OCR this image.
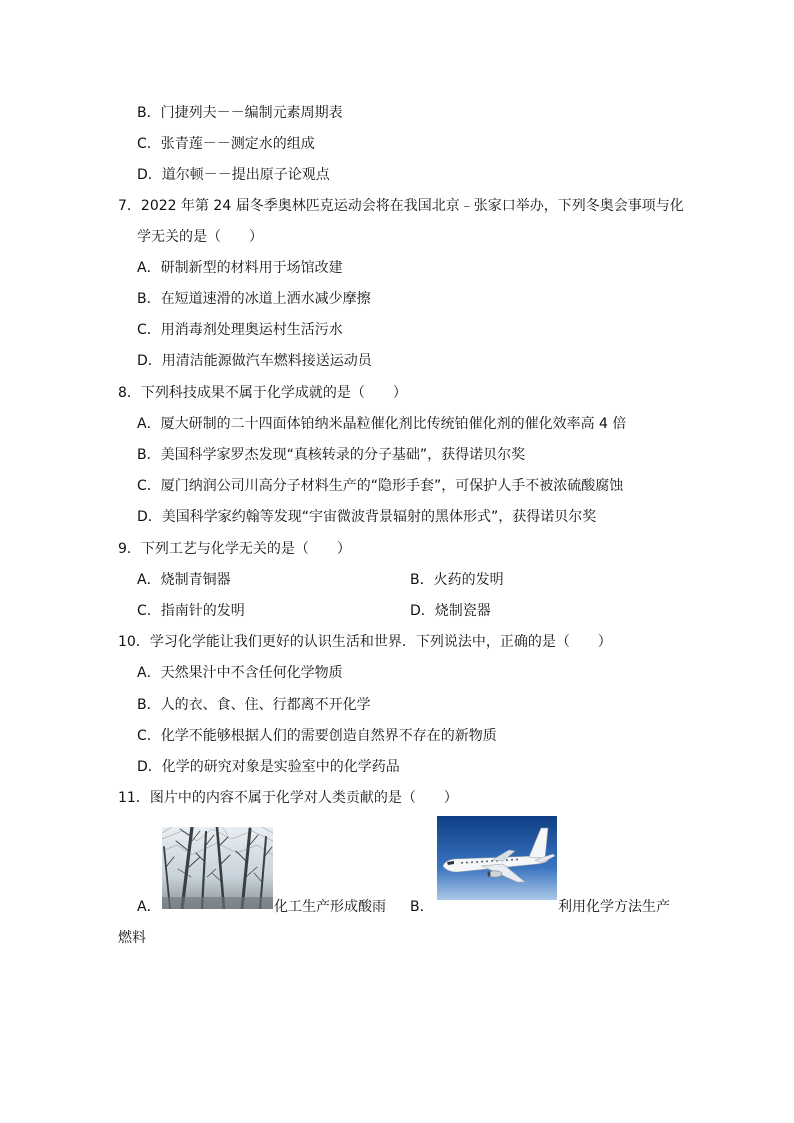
B．门捷列夫－－编制元素周期表
C．张青莲－－测定水的组成
D．道尔顿－－提出原子论观点
7．2022 年第 24 届冬季奥林匹克运动会将在我国北京﹣张家口举办，下列冬奥会事项与化
学无关的是（　　）
A．研制新型的材料用于场馆改建
B．在短道速滑的冰道上洒水减少摩擦
C．用消毒剂处理奥运村生活污水
D．用清洁能源做汽车燃料接送运动员
8．下列科技成果不属于化学成就的是（　　）
A．厦大研制的二十四面体铂纳米晶粒催化剂比传统铂催化剂的催化效率高 4 倍
B．美国科学家罗杰发现“真核转录的分子基础”，获得诺贝尔奖
C．厦门纳润公司川高分子材料生产的“隐形手套”，可保护人手不被浓硫酸腐蚀
D．美国科学家约翰等发现“宇宙微波背景辐射的黑体形式”，获得诺贝尔奖
9．下列工艺与化学无关的是（　　）
A．烧制青铜器	B．火药的发明
C．指南针的发明	D．烧制瓷器
10．学习化学能让我们更好的认识生活和世界．下列说法中，正确的是（　　）
A．天然果汁中不含任何化学物质
B．人的衣、食、住、行都离不开化学
C．化学不能够根据人们的需要创造自然界不存在的新物质
D．化学的研究对象是实验室中的化学药品
11．图片中的内容不属于化学对人类贡献的是（　　）
A．	化工生产形成酸雨 B．	利用化学方法生产
燃料
